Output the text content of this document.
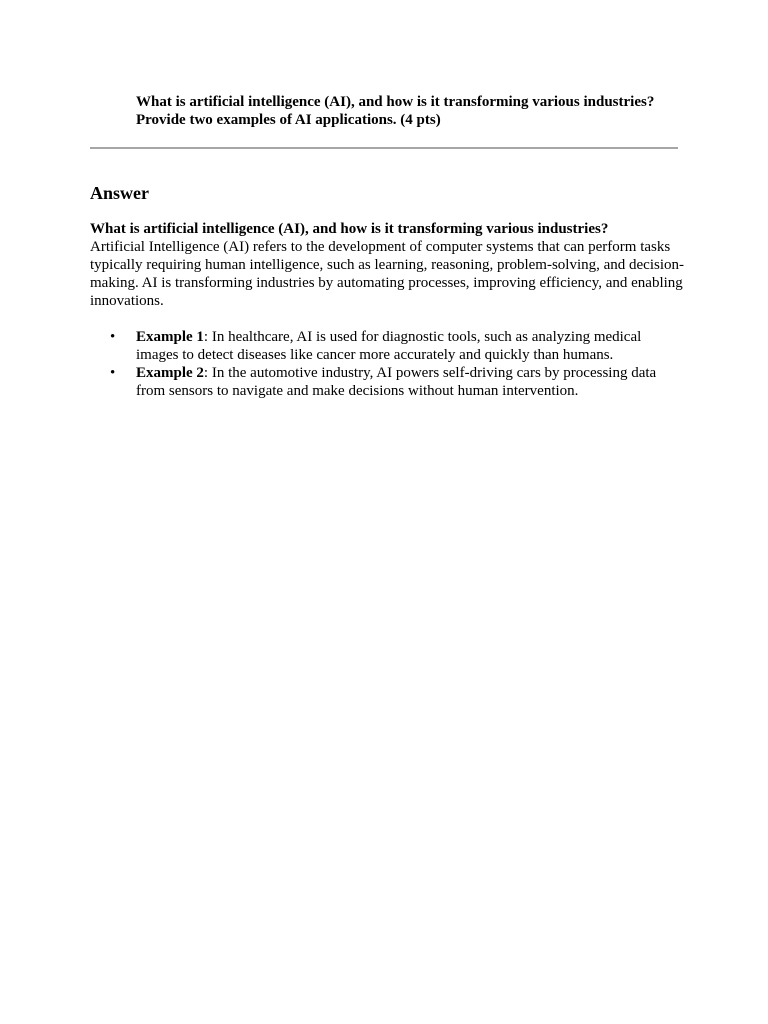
What is artificial intelligence (AI), and how is it transforming various industries? Provide two examples of AI applications. (4 pts)
Answer
What is artificial intelligence (AI), and how is it transforming various industries?
Artificial Intelligence (AI) refers to the development of computer systems that can perform tasks typically requiring human intelligence, such as learning, reasoning, problem-solving, and decision-making. AI is transforming industries by automating processes, improving efficiency, and enabling innovations.
• Example 1: In healthcare, AI is used for diagnostic tools, such as analyzing medical images to detect diseases like cancer more accurately and quickly than humans.
• Example 2: In the automotive industry, AI powers self-driving cars by processing data from sensors to navigate and make decisions without human intervention.
